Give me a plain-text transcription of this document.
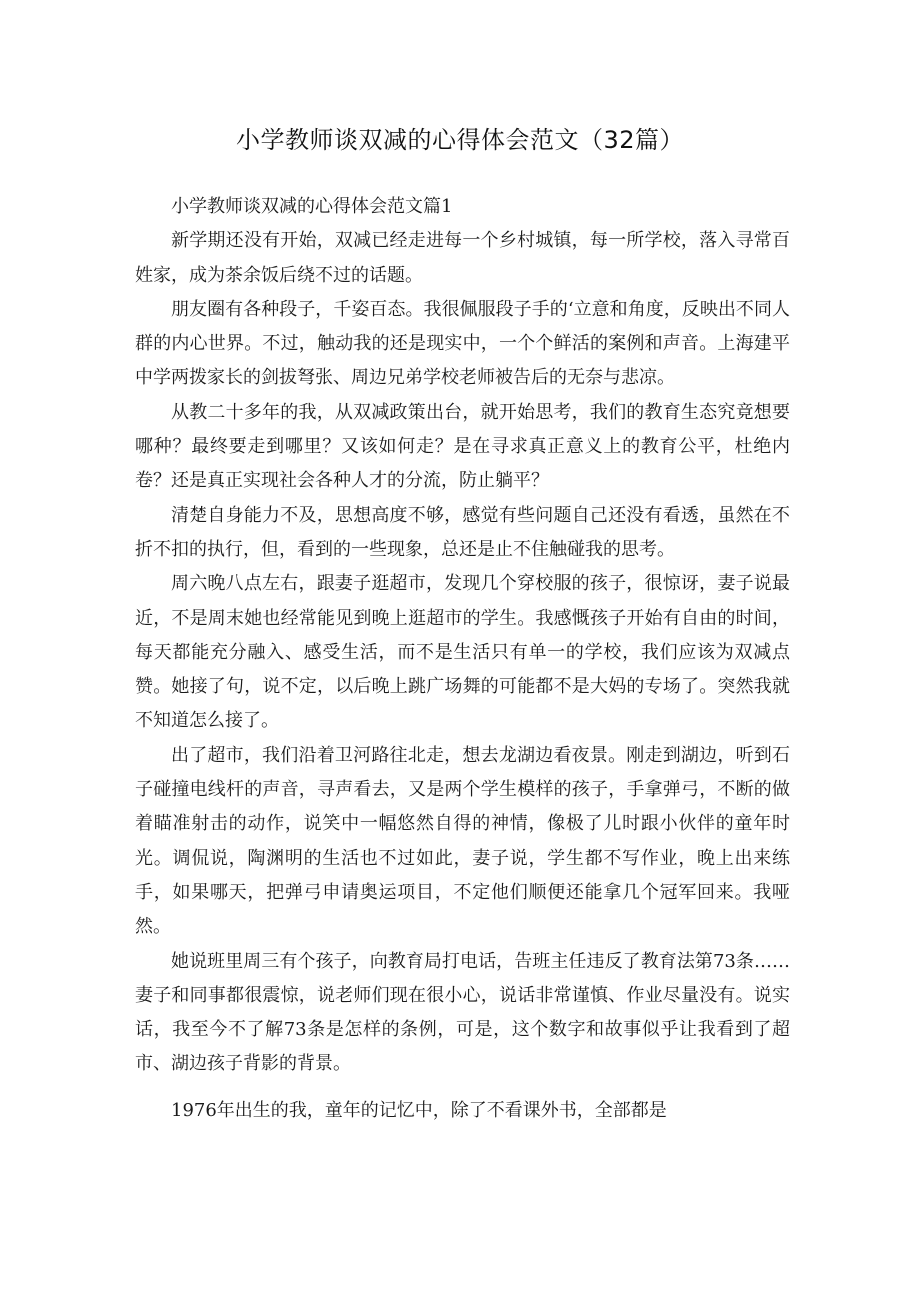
小学教师谈双减的心得体会范文（32篇）

小学教师谈双减的心得体会范文篇1

新学期还没有开始，双减已经走进每一个乡村城镇，每一所学校，落入寻常百姓家，成为茶余饭后绕不过的话题。

朋友圈有各种段子，千姿百态。我很佩服段子手的‘立意和角度，反映出不同人群的内心世界。不过，触动我的还是现实中，一个个鲜活的案例和声音。上海建平中学两拨家长的剑拔弩张、周边兄弟学校老师被告后的无奈与悲凉。

从教二十多年的我，从双减政策出台，就开始思考，我们的教育生态究竟想要哪种？最终要走到哪里？又该如何走？是在寻求真正意义上的教育公平，杜绝内卷？还是真正实现社会各种人才的分流，防止躺平？

清楚自身能力不及，思想高度不够，感觉有些问题自己还没有看透，虽然在不折不扣的执行，但，看到的一些现象，总还是止不住触碰我的思考。

周六晚八点左右，跟妻子逛超市，发现几个穿校服的孩子，很惊讶，妻子说最近，不是周末她也经常能见到晚上逛超市的学生。我感慨孩子开始有自由的时间，每天都能充分融入、感受生活，而不是生活只有单一的学校，我们应该为双减点赞。她接了句，说不定，以后晚上跳广场舞的可能都不是大妈的专场了。突然我就不知道怎么接了。

出了超市，我们沿着卫河路往北走，想去龙湖边看夜景。刚走到湖边，听到石子碰撞电线杆的声音，寻声看去，又是两个学生模样的孩子，手拿弹弓，不断的做着瞄准射击的动作，说笑中一幅悠然自得的神情，像极了儿时跟小伙伴的童年时光。调侃说，陶渊明的生活也不过如此，妻子说，学生都不写作业，晚上出来练手，如果哪天，把弹弓申请奥运项目，不定他们顺便还能拿几个冠军回来。我哑然。

她说班里周三有个孩子，向教育局打电话，告班主任违反了教育法第73条……妻子和同事都很震惊，说老师们现在很小心，说话非常谨慎、作业尽量没有。说实话，我至今不了解73条是怎样的条例，可是，这个数字和故事似乎让我看到了超市、湖边孩子背影的背景。

1976年出生的我，童年的记忆中，除了不看课外书，全部都是
